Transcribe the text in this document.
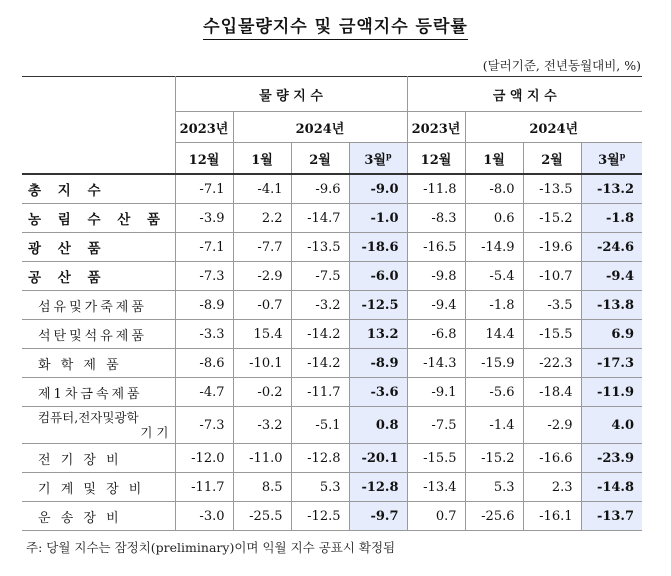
수입물량지수 및 금액지수 등락률
(달러기준, 전년동월대비, %)
	물 량 지 수				금 액 지 수			
	2023년	2024년			2023년	2024년		
	12월	1월	2월	3월$^p$	12월	1월	2월	3월$^p$
총 지 수	-7.1	-4.1	-9.6	-9.0	-11.8	-8.0	-13.5	-13.2
농 림 수 산 품	-3.9	2.2	-14.7	-1.0	-8.3	0.6	-15.2	-1.8
광 산 품	-7.1	-7.7	-13.5	-18.6	-16.5	-14.9	-19.6	-24.6
공 산 품	-7.3	-2.9	-7.5	-6.0	-9.8	-5.4	-10.7	-9.4
섬유및가죽제품	-8.9	-0.7	-3.2	-12.5	-9.4	-1.8	-3.5	-13.8
석탄및석유제품	-3.3	15.4	-14.2	13.2	-6.8	14.4	-15.5	6.9
화 학 제 품	-8.6	-10.1	-14.2	-8.9	-14.3	-15.9	-22.3	-17.3
제1차금속제품	-4.7	-0.2	-11.7	-3.6	-9.1	-5.6	-18.4	-11.9

컴퓨터,전자및광학
기 기	-7.3	-3.2	-5.1	0.8	-7.5	-1.4	-2.9	4.0
전 기 장 비	-12.0	-11.0	-12.8	-20.1	-15.5	-15.2	-16.6	-23.9
기 계 및 장 비	-11.7	8.5	5.3	-12.8	-13.4	5.3	2.3	-14.8
운 송 장 비	-3.0	-25.5	-12.5	-9.7	0.7	-25.6	-16.1	-13.7
주: 당월 지수는 잠정치(preliminary)이며 익월 지수 공표시 확정됨
